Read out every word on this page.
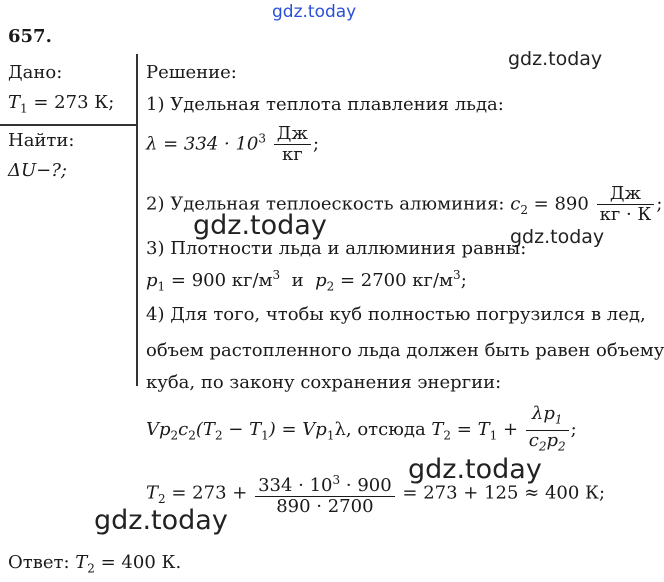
gdz.today
gdz.today
gdz.today	gdz.today
gdz.today
gdz.today
657.
Дано:
$T_1 = 273$ К;
Найти:
ΔU−?;
Решение:
1) Удельная теплота плавления льда:
$\lambda = 334 \cdot 10^3 \frac{Дж}{кг}$ ;
2) Удельная теплоескость алюминия: $c_2 = 890 \frac{Дж}{кг \cdot К}$ ;
3) Плотности льда и аллюминия равны:
$p_1 = 900$ $кг/м^3$  и  $p_2 = 2700$ $кг/м^3$;
4) Для того, чтобы куб полностью погрузился в лед,
объем растопленного льда должен быть равен объему
куба, по закону сохранения энергии:
$Vp_2c_2(T_2 - T_1) = Vp_1\lambda$, отсюда $T_2 = T_1 + \frac{\lambda p_1}{c_2p_2}$ ;
$T_2 = 273 + \frac{334 \cdot 10^3 \cdot 900}{890 \cdot 2700} = 273 + 125 \approx 400$ К;
Ответ: $T_2 = 400$ К.
